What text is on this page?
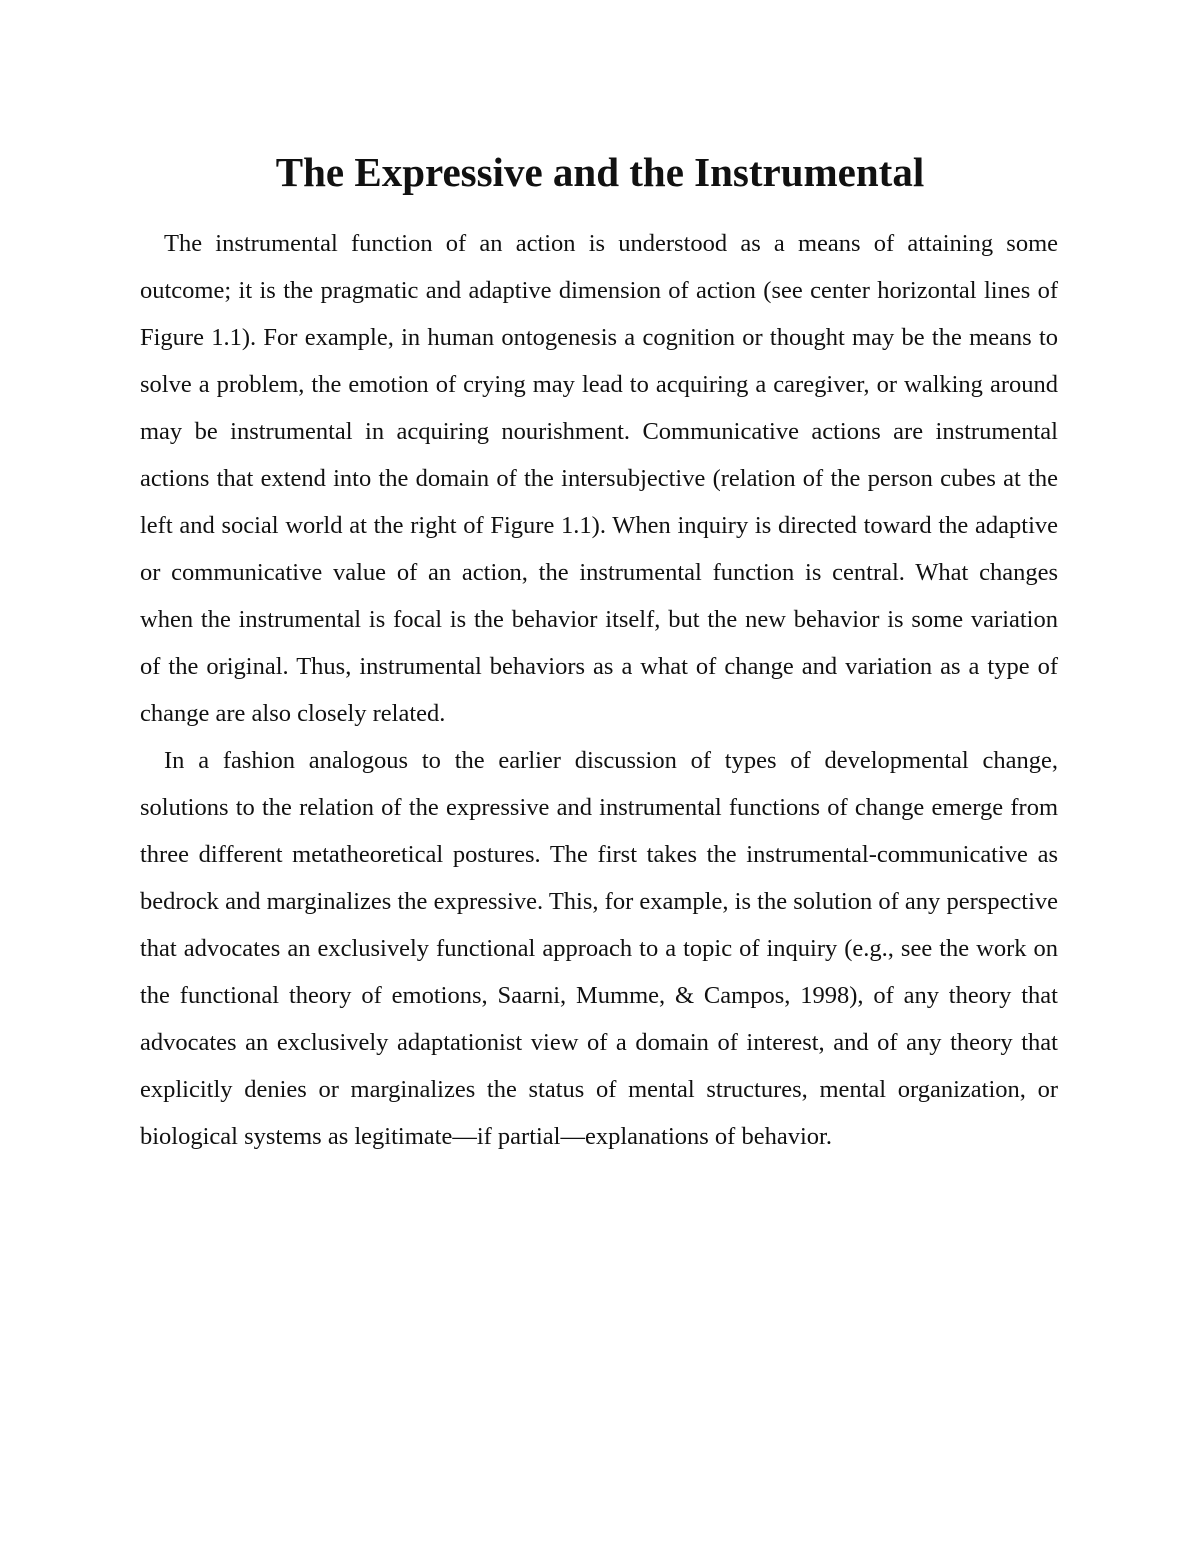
The Expressive and the Instrumental

The instrumental function of an action is understood as a means of attaining some outcome; it is the pragmatic and adaptive dimension of action (see center horizontal lines of Figure 1.1). For example, in human ontogenesis a cognition or thought may be the means to solve a problem, the emotion of crying may lead to acquiring a caregiver, or walking around may be instrumental in acquiring nourishment. Communicative actions are instrumental actions that extend into the domain of the intersubjective (relation of the person cubes at the left and social world at the right of Figure 1.1). When inquiry is directed toward the adaptive or communicative value of an action, the instrumental function is central. What changes when the instrumental is focal is the behavior itself, but the new behavior is some variation of the original. Thus, instrumental behaviors as a what of change and variation as a type of change are also closely related.

In a fashion analogous to the earlier discussion of types of developmental change, solutions to the relation of the expressive and instrumental functions of change emerge from three different metatheoretical postures. The first takes the instrumental-communicative as bedrock and marginalizes the expressive. This, for example, is the solution of any perspective that advocates an exclusively functional approach to a topic of inquiry (e.g., see the work on the functional theory of emotions, Saarni, Mumme, & Campos, 1998), of any theory that advocates an exclusively adaptationist view of a domain of interest, and of any theory that explicitly denies or marginalizes the status of mental structures, mental organization, or biological systems as legitimate—if partial—explanations of behavior.
